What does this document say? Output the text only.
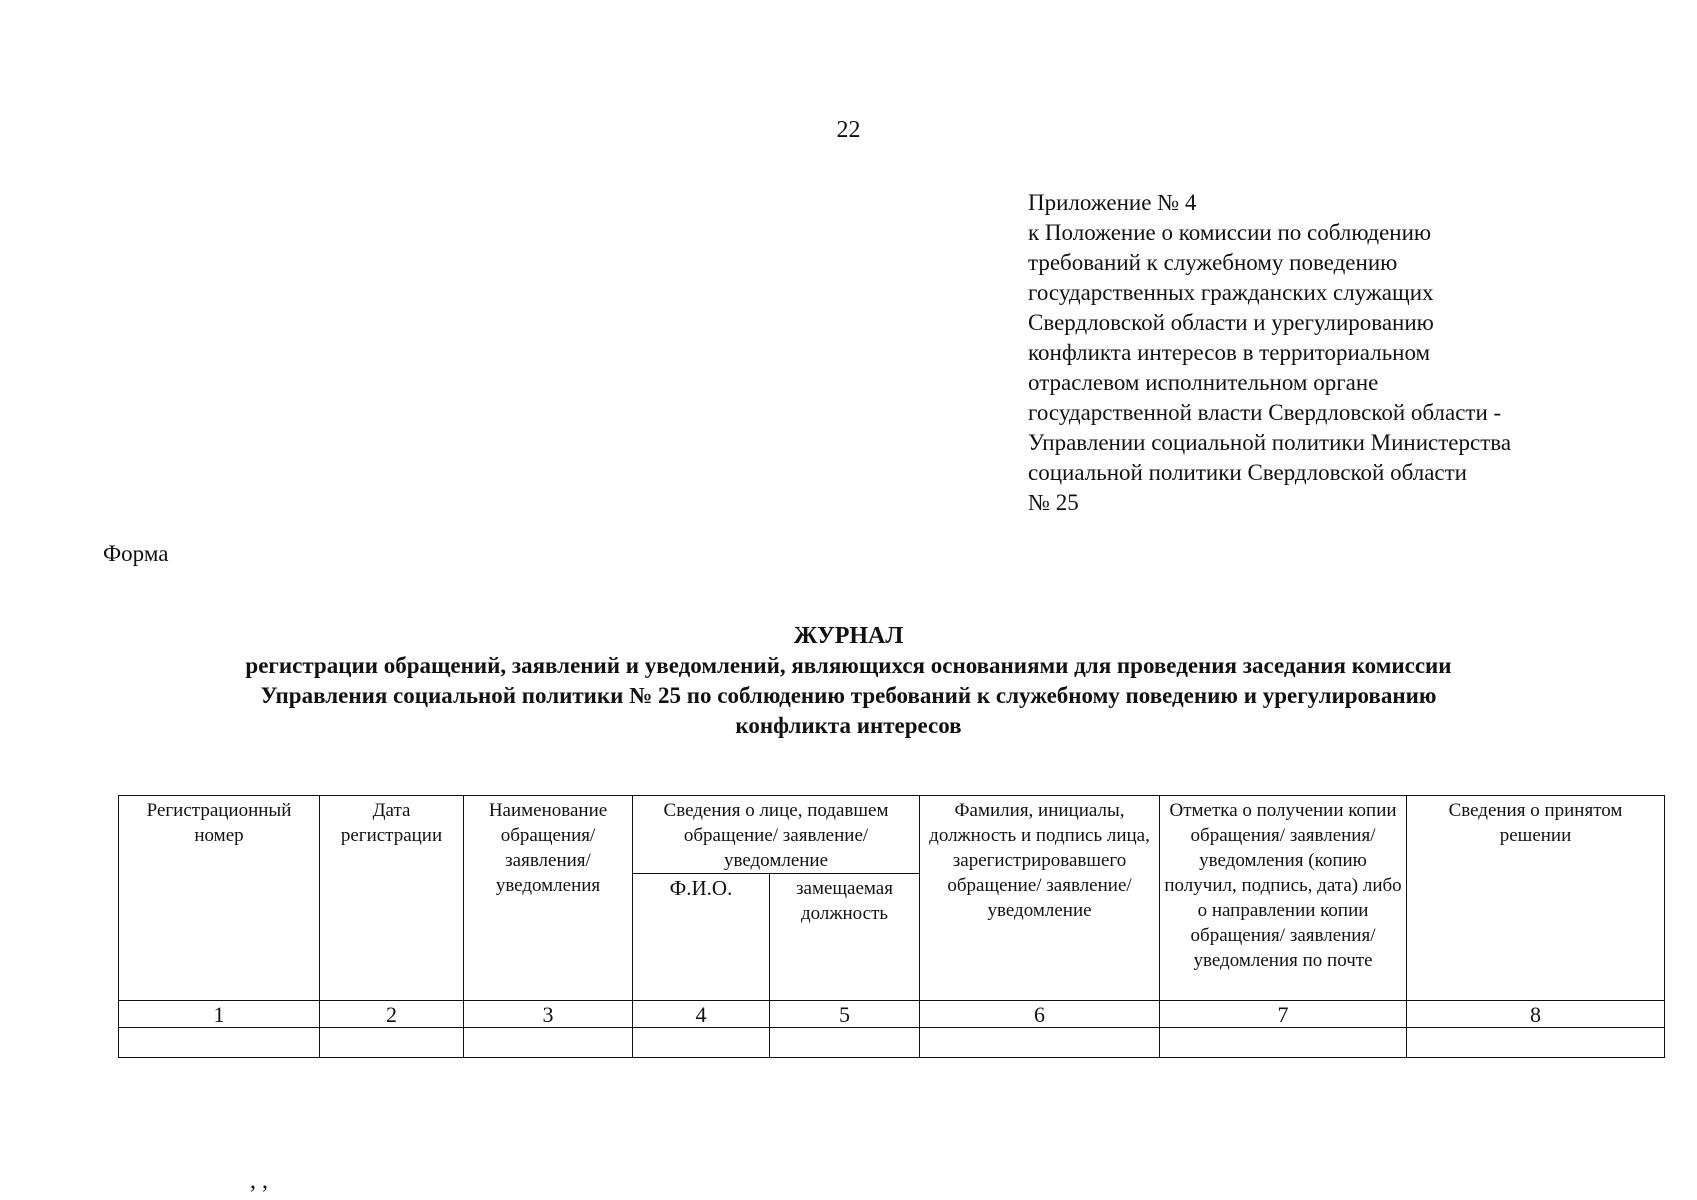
22
Приложение № 4
к Положение о комиссии по соблюдению
требований к служебному поведению
государственных гражданских служащих
Свердловской области и урегулированию
конфликта интересов в территориальном
отраслевом исполнительном органе
государственной власти Свердловской области -
Управлении социальной политики Министерства
социальной политики Свердловской области
№ 25
Форма
ЖУРНАЛ
регистрации обращений, заявлений и уведомлений, являющихся основаниями для проведения заседания комиссии
Управления социальной политики № 25 по соблюдению требований к служебному поведению и урегулированию
конфликта интересов
Регистрационный номер	Дата регистрации	Наименование обращения/ заявления/ уведомления	Сведения о лице, подавшем обращение/ заявление/ уведомление		Фамилия, инициалы, должность и подпись лица, зарегистрировавшего обращение/ заявление/ уведомление	Отметка о получении копии обращения/ заявления/ уведомления (копию получил, подпись, дата) либо о направлении копии обращения/ заявления/ уведомления по почте	Сведения о принятом решении
			Ф.И.О.	замещаемая должность			
1	2	3	4	5	6	7	8

, ,
